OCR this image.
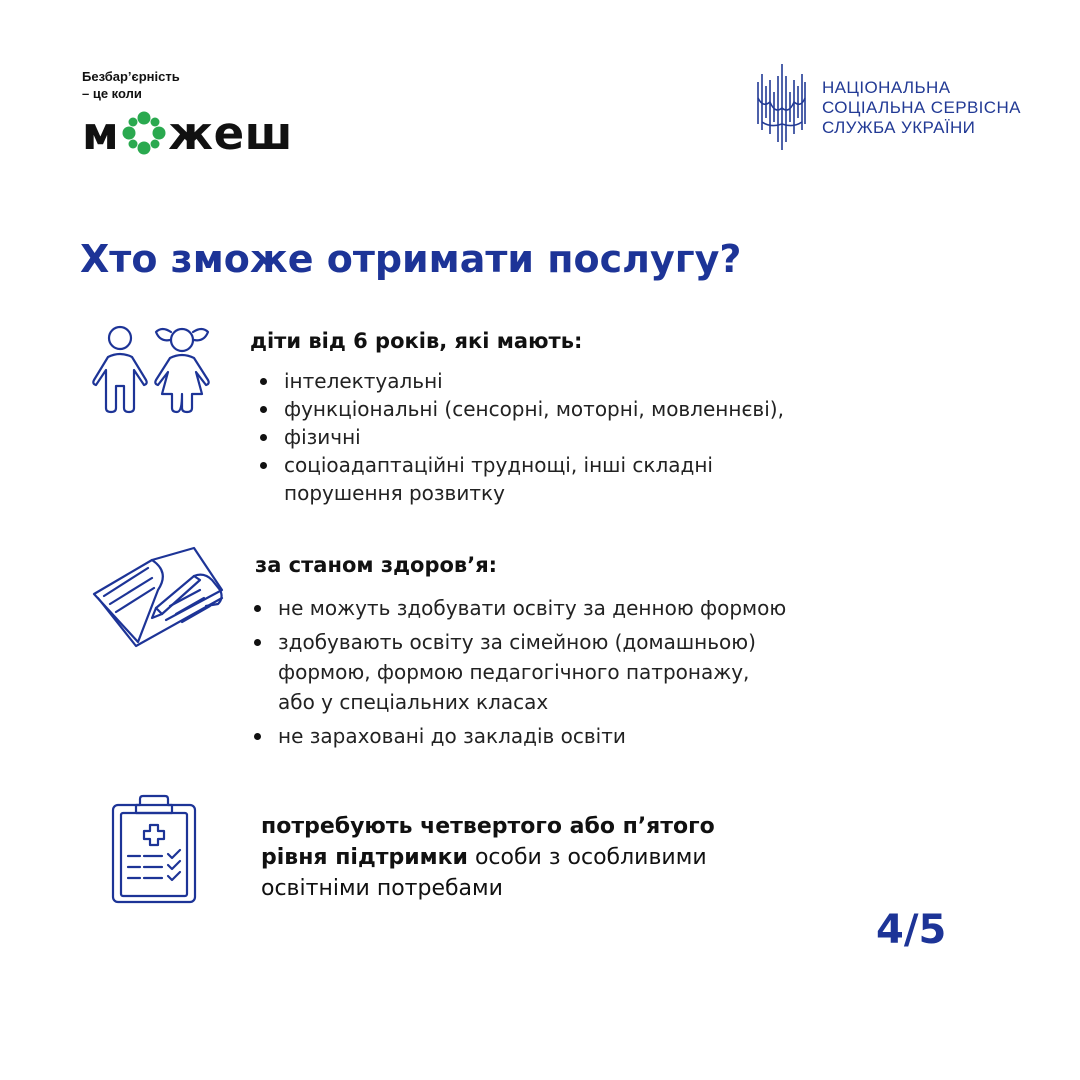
Безбар’єрність
– це коли
м жеш
НАЦІОНАЛЬНА
СОЦІАЛЬНА СЕРВІСНА
СЛУЖБА УКРАЇНИ
Хто зможе отримати послугу?
діти від 6 років, які мають:
інтелектуальні
функціональні (сенсорні, моторні, мовленнєві),
фізичні
соціоадаптаційні труднощі, інші складні
порушення розвитку
за станом здоров’я:
не можуть здобувати освіту за денною формою
здобувають освіту за сімейною (домашньою)
формою, формою педагогічного патронажу,
або у спеціальних класах
не зараховані до закладів освіти
потребують четвертого або п’ятого
рівня підтримки особи з особливими
освітніми потребами
4/5
